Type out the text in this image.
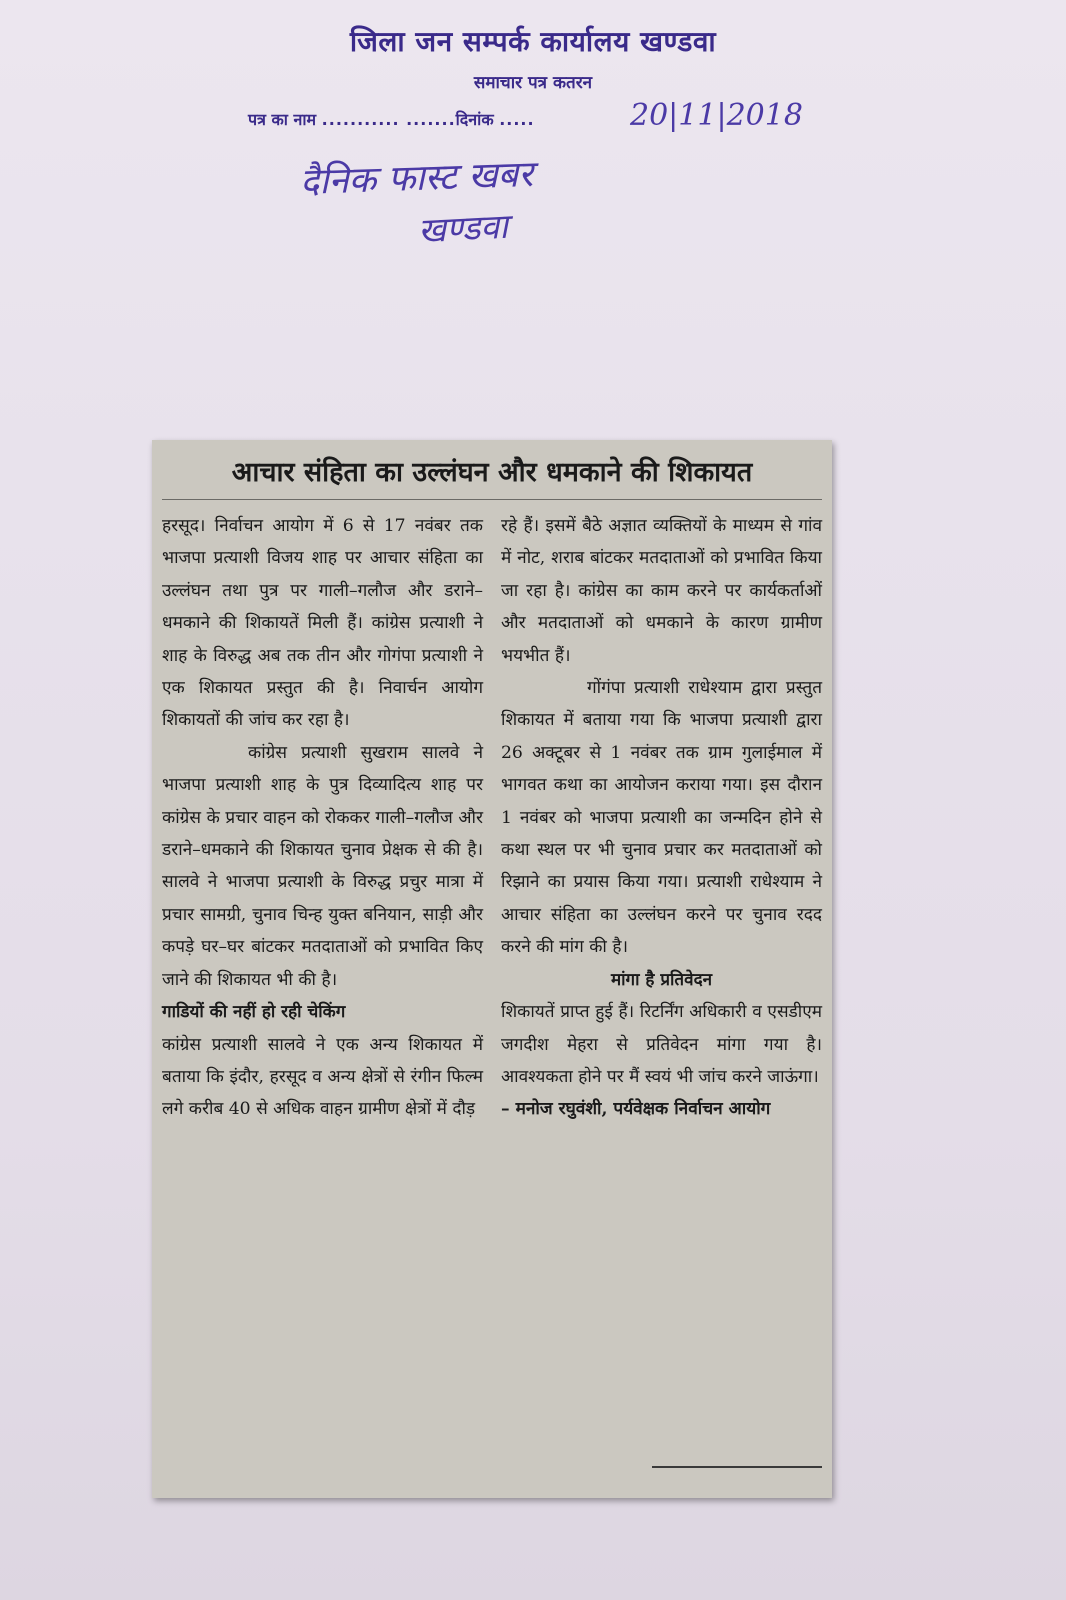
जिला जन सम्पर्क कार्यालय खण्डवा
समाचार पत्र कतरन
पत्र का नाम ........... .......दिनांक .....	20|11|2018
दैनिक फास्ट खबर
खण्डवा
आचार संहिता का उल्लंघन और धमकाने की शिकायत

हरसूद। निर्वाचन आयोग में 6 से 17 नवंबर तक भाजपा प्रत्याशी विजय शाह पर आचार संहिता का उल्लंघन तथा पुत्र पर गाली–गलौज और डराने–धमकाने की शिकायतें मिली हैं। कांग्रेस प्रत्याशी ने शाह के विरुद्ध अब तक तीन और गोगंपा प्रत्याशी ने एक शिकायत प्रस्तुत की है। निवार्चन आयोग शिकायतों की जांच कर रहा है।

कांग्रेस प्रत्याशी सुखराम सालवे ने भाजपा प्रत्याशी शाह के पुत्र दिव्यादित्य शाह पर कांग्रेस के प्रचार वाहन को रोककर गाली–गलौज और डराने–धमकाने की शिकायत चुनाव प्रेक्षक से की है। सालवे ने भाजपा प्रत्याशी के विरुद्ध प्रचुर मात्रा में प्रचार सामग्री, चुनाव चिन्ह युक्त बनियान, साड़ी और कपड़े घर–घर बांटकर मतदाताओं को प्रभावित किए जाने की शिकायत भी की है।

गाडियों की नहीं हो रही चेकिंग

कांग्रेस प्रत्याशी सालवे ने एक अन्य शिकायत में बताया कि इंदौर, हरसूद व अन्य क्षेत्रों से रंगीन फिल्म लगे करीब 40 से अधिक वाहन ग्रामीण क्षेत्रों में दौड़

रहे हैं। इसमें बैठे अज्ञात व्यक्तियों के माध्यम से गांव में नोट, शराब बांटकर मतदाताओं को प्रभावित किया जा रहा है। कांग्रेस का काम करने पर कार्यकर्ताओं और मतदाताओं को धमकाने के कारण ग्रामीण भयभीत हैं।

गोंगंपा प्रत्याशी राधेश्याम द्वारा प्रस्तुत शिकायत में बताया गया कि भाजपा प्रत्याशी द्वारा 26 अक्टूबर से 1 नवंबर तक ग्राम गुलाईमाल में भागवत कथा का आयोजन कराया गया। इस दौरान 1 नवंबर को भाजपा प्रत्याशी का जन्मदिन होने से कथा स्थल पर भी चुनाव प्रचार कर मतदाताओं को रिझाने का प्रयास किया गया। प्रत्याशी राधेश्याम ने आचार संहिता का उल्लंघन करने पर चुनाव रदद करने की मांग की है।

मांगा है प्रतिवेदन

शिकायतें प्राप्त हुई हैं। रिटर्निंग अधिकारी व एसडीएम जगदीश मेहरा से प्रतिवेदन मांगा गया है। आवश्यकता होने पर मैं स्वयं भी जांच करने जाऊंगा।

– मनोज रघुवंशी, पर्यवेक्षक निर्वाचन आयोग
